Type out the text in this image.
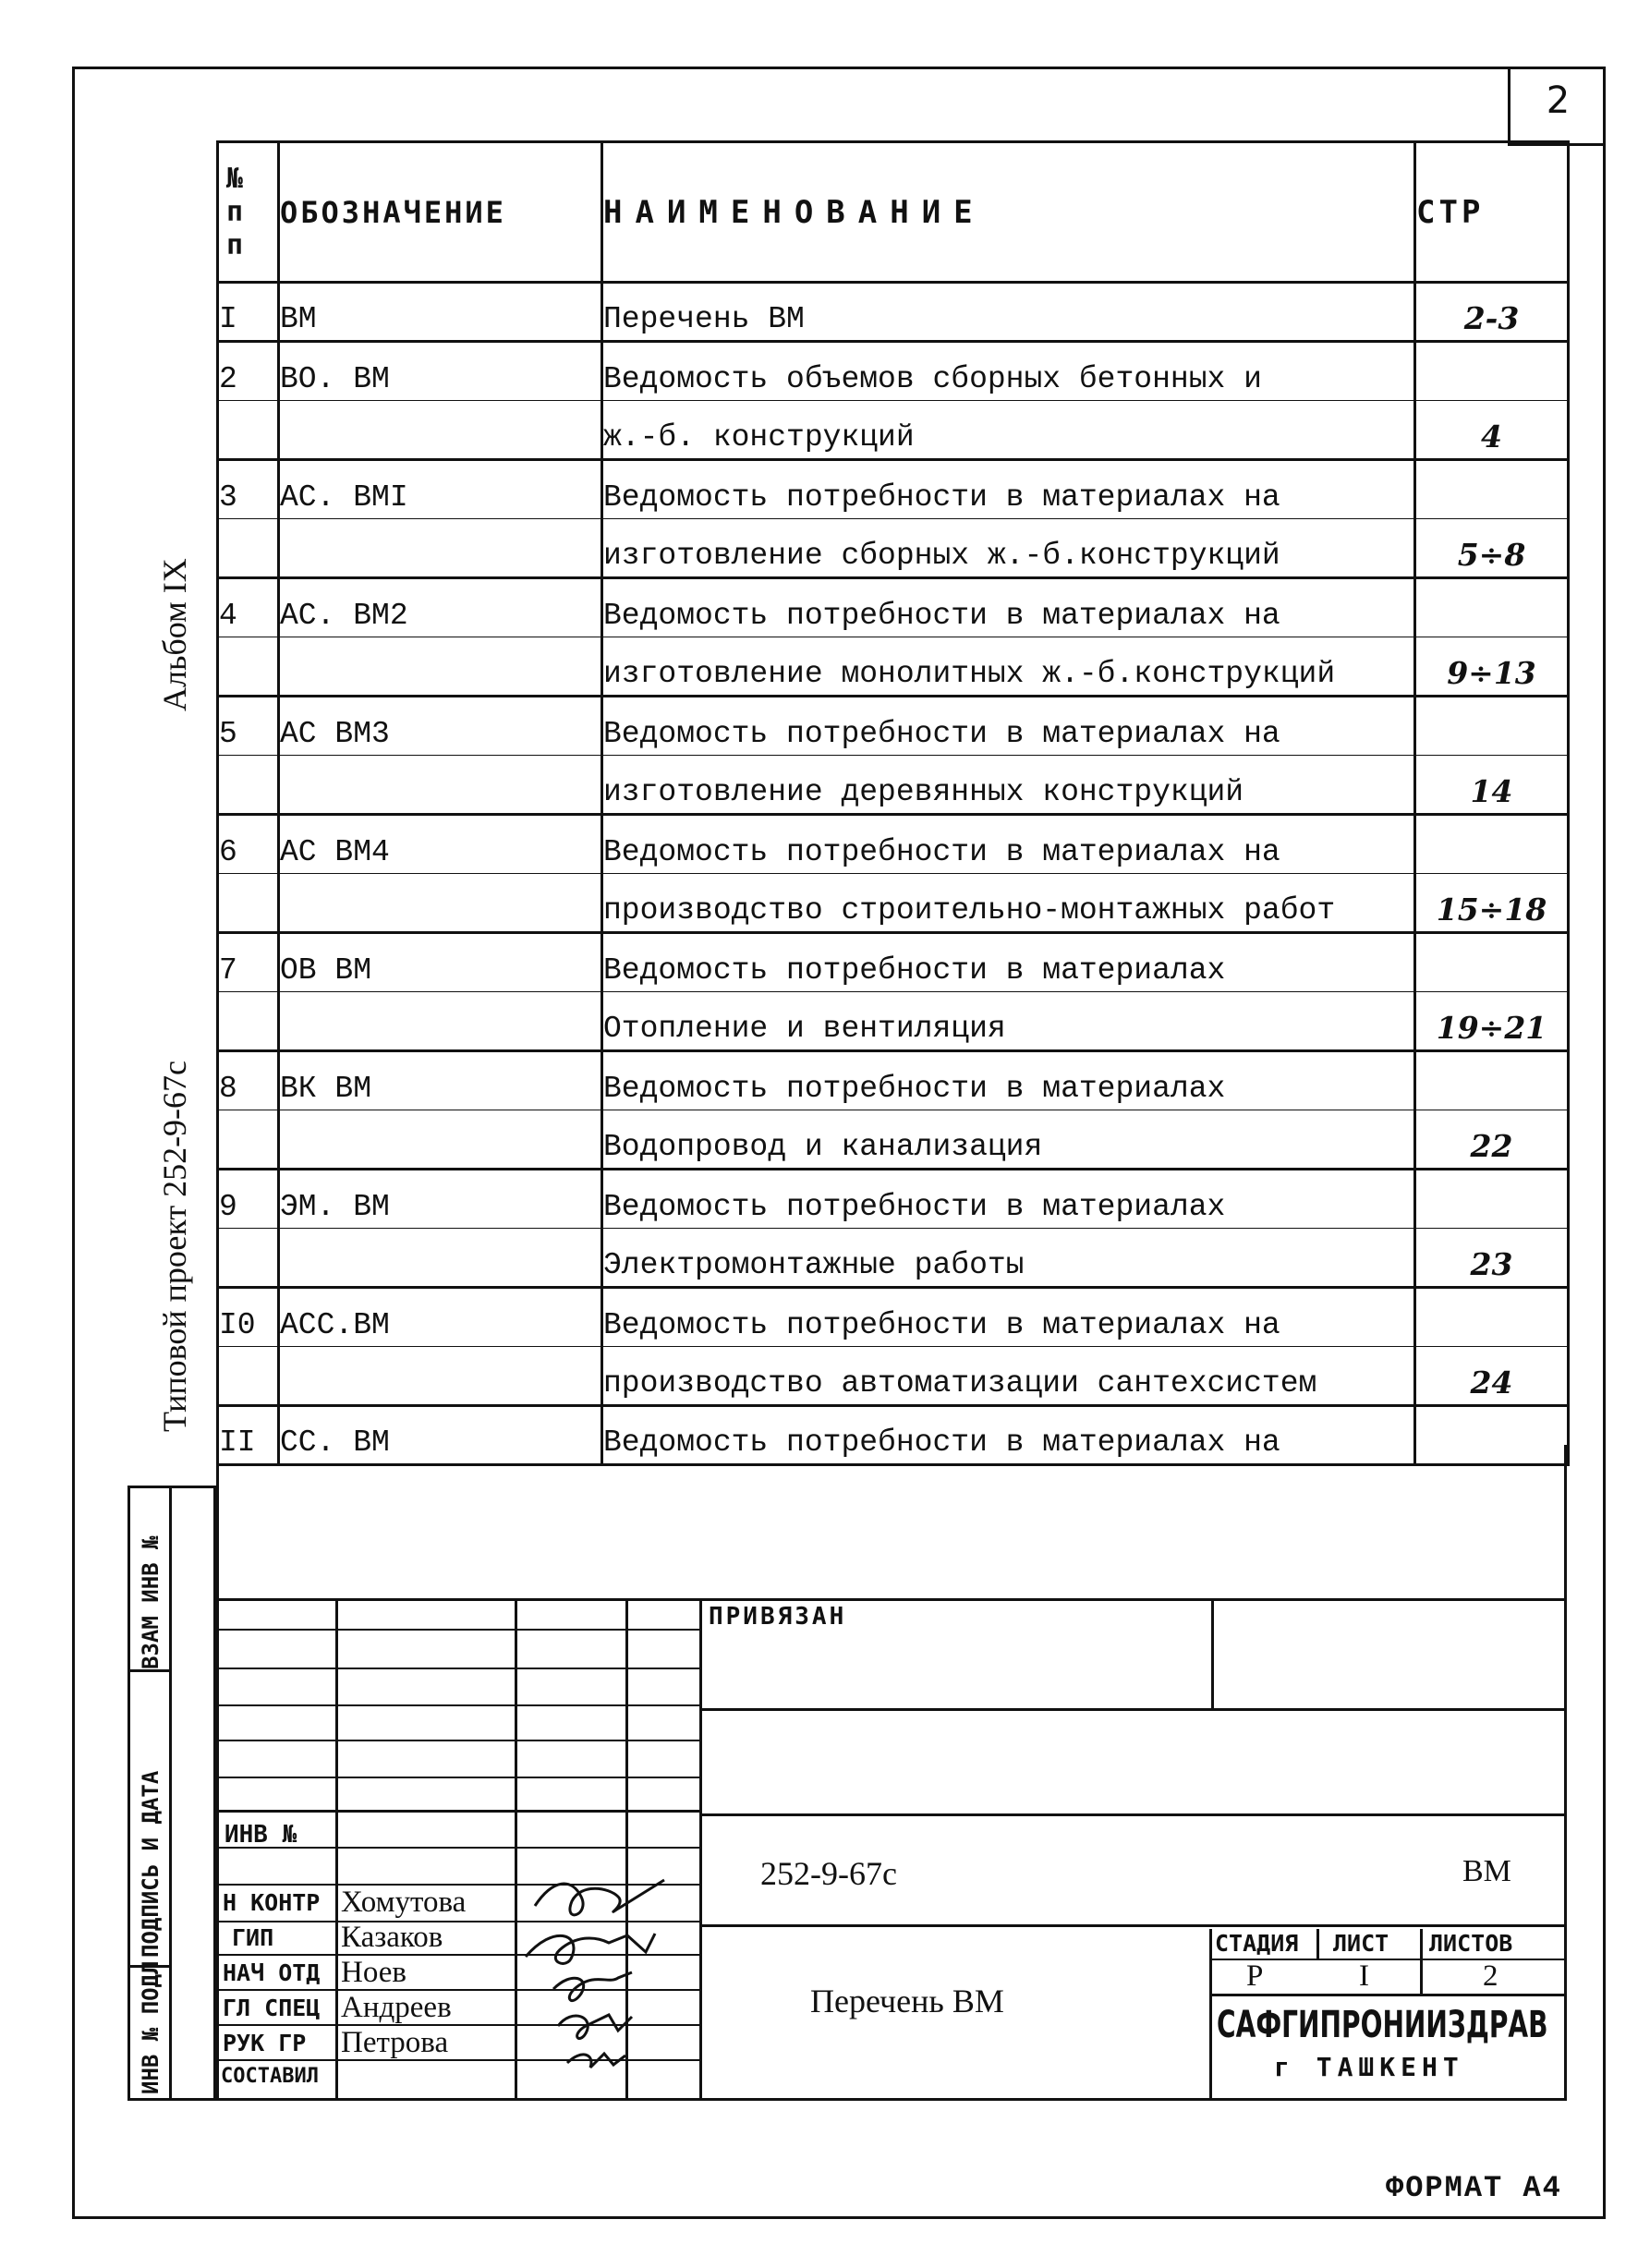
2
Альбом IX
Типовой проект 252-9-67с
№
п
п	ОБОЗНАЧЕНИЕ	НАИМЕНОВАНИЕ	СТР
I	ВМ	Перечень ВМ	2-3
2	ВО. ВМ	Ведомость объемов сборных бетонных и	
		ж.-б. конструкций	4
3	АС. ВМI	Ведомость потребности в материалах на	
		изготовление сборных ж.-б.конструкций	5÷8
4	АС. ВМ2	Ведомость потребности в материалах на	
		изготовление монолитных ж.-б.конструкций	9÷13
5	АС ВМ3	Ведомость потребности в материалах на	
		изготовление деревянных конструкций	14
6	АС ВМ4	Ведомость потребности в материалах на	
		производство строительно-монтажных работ	15÷18
7	ОВ ВМ	Ведомость потребности в материалах	
		Отопление и вентиляция	19÷21
8	ВК ВМ	Ведомость потребности в материалах	
		Водопровод и канализация	22
9	ЭМ. ВМ	Ведомость потребности в материалах	
		Электромонтажные работы	23
I0	АСС.ВМ	Ведомость потребности в материалах на	
		производство автоматизации сантехсистем	24
II	СС. ВМ	Ведомость потребности в материалах на	
ПРИВЯЗАН
ИНВ №
252-9-67с	ВМ
Перечень ВМ
СТАДИЯ ЛИСТ ЛИСТОВ
Р	I	2
САФГИПРОНИИЗДРАВ
г ТАШКЕНТ
Н КОНТР Хомутова
ГИП Казаков
НАЧ ОТД Ноев
ГЛ СПЕЦ Андреев
РУК ГР Петрова
СОСТАВИЛ
ВЗАМ ИНВ №
ПОДПИСЬ И ДАТА
ИНВ № ПОДЛ
ФОРМАТ А4
